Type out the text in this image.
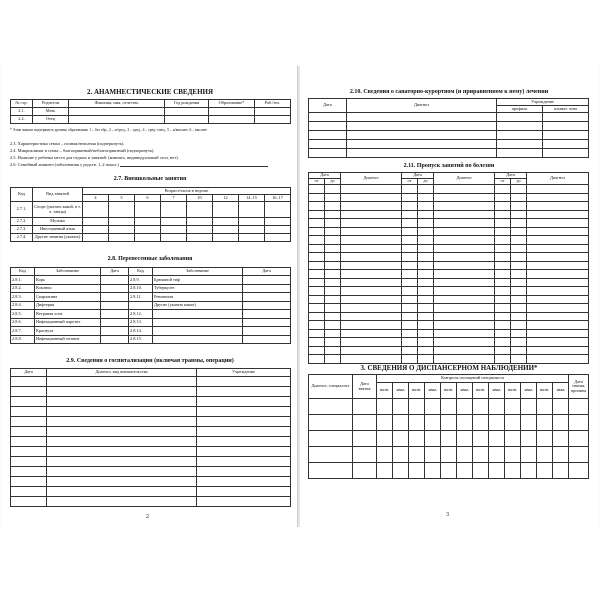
2. АНАМНЕСТИЧЕСКИЕ СВЕДЕНИЯ
№ стр.	Родители	Фамилия, имя, отчество	Год рождения	Образование*	Раб./тел.
2.1.	Мать				
2.2.	Отец				
* Этим знаком подчеркнуть уровень образования: 1 – без обр., 2 – н/сред., 3 – сред., 4 – сред.-спец., 5 – н/высшее, 6 – высшее
2.3. Характеристика семьи – полная/неполная (подчеркнуть).
2.4. Микроклимат в семье – благоприятный/неблагоприятный (подчеркнуть).
2.5. Наличие у ребенка места для отдыха и занятий: (комната, индивидуальный стол, нет).
2.6. Семейный анамнез (заболевания у родств. 1–2 покол.)
2.7. Внешкольные занятия
Код	Вид занятий	Возраст/часов в неделю							
		4	5	6	7	10	12	14–15	16–17
2.7.1.	Спорт (указать какой, в т. ч. танцы)								
2.7.2.	Музыка								
2.7.3.	Иностранный язык								
2.7.4.	Другие занятия (указать)								
2.8. Перенесенные заболевания
Код	Заболевание	Дата	Код	Заболевание	Дата
2.8.1.	Корь		2.8.9.	Брюшной тиф	
2.8.2.	Коклюш		2.8.10.	Туберкулез	
2.8.3.	Скарлатина		2.8.11.	Ревматизм	
2.8.4.	Дифтерия			Другие (указать какие)	
2.8.5.	Ветряная оспа		2.8.12.		
2.8.6.	Инфекционный паротит		2.8.13.		
2.8.7.	Краснуха		2.8.14.		
2.8.8.	Инфекционный гепатит		2.8.15.		
2.9. Сведения о госпитализации (включая травмы, операции)
Дата	Диагноз, вид вмешательства	Учреждение

2
2.10. Сведения о санаторно-курортном (и приравненном к нему) лечении
Дата	Диагноз	Учреждение	
		профиль	климат. зона

2.11. Пропуск занятий по болезни
Дата		Диагноз	Дата		Диагноз	Дата		Диагноз
от	до		от	до		от	до	

3. СВЕДЕНИЯ О ДИСПАНСЕРНОМ НАБЛЮДЕНИИ*
Диагноз, специалист	Дата взятия	Контроль посещений специалиста												Дата снятия, причина
		назн.	явка	назн.	явка	назн.	явка	назн.	явка	назн.	явка	назн.	явка	

3
